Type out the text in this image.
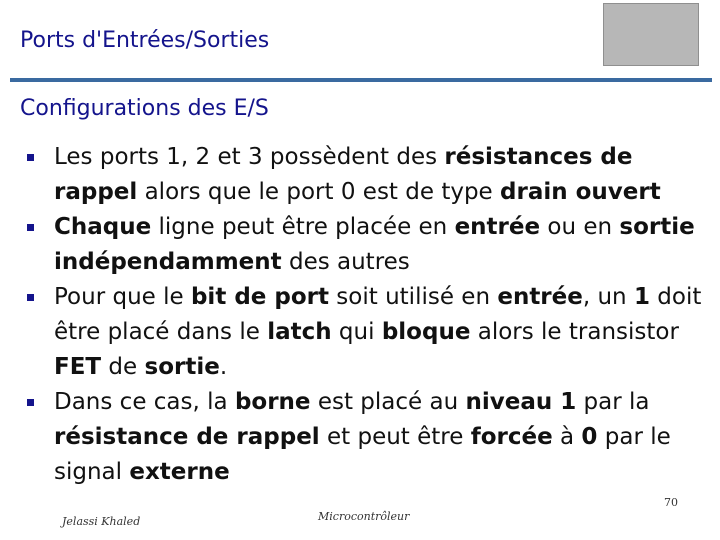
Ports d'Entrées/Sorties
Configurations des E/S
Les ports 1, 2 et 3 possèdent des résistances de rappel alors que le port 0 est de type drain ouvert
Chaque ligne peut être placée en entrée ou en sortie indépendamment des autres
Pour que le bit de port soit utilisé en entrée, un 1 doit être placé dans le latch qui bloque alors le transistor FET de sortie.
Dans ce cas, la borne est placé au niveau 1 par la résistance de rappel et peut être forcée à 0 par le signal externe
70
Jelassi Khaled	Microcontrôleur
